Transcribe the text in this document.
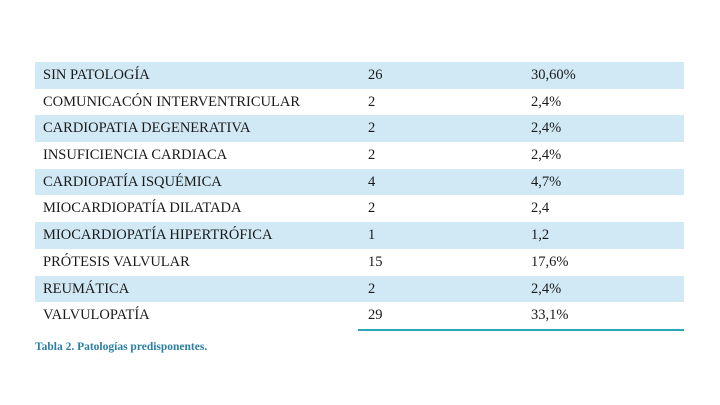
SIN PATOLOGÍA	26	30,60%
COMUNICACÓN INTERVENTRICULAR	2	2,4%
CARDIOPATIA DEGENERATIVA	2	2,4%
INSUFICIENCIA CARDIACA	2	2,4%
CARDIOPATÍA ISQUÉMICA	4	4,7%
MIOCARDIOPATÍA DILATADA	2	2,4
MIOCARDIOPATÍA HIPERTRÓFICA	1	1,2
PRÓTESIS VALVULAR	15	17,6%
REUMÁTICA	2	2,4%
VALVULOPATÍA	29	33,1%
Tabla 2. Patologías predisponentes.
